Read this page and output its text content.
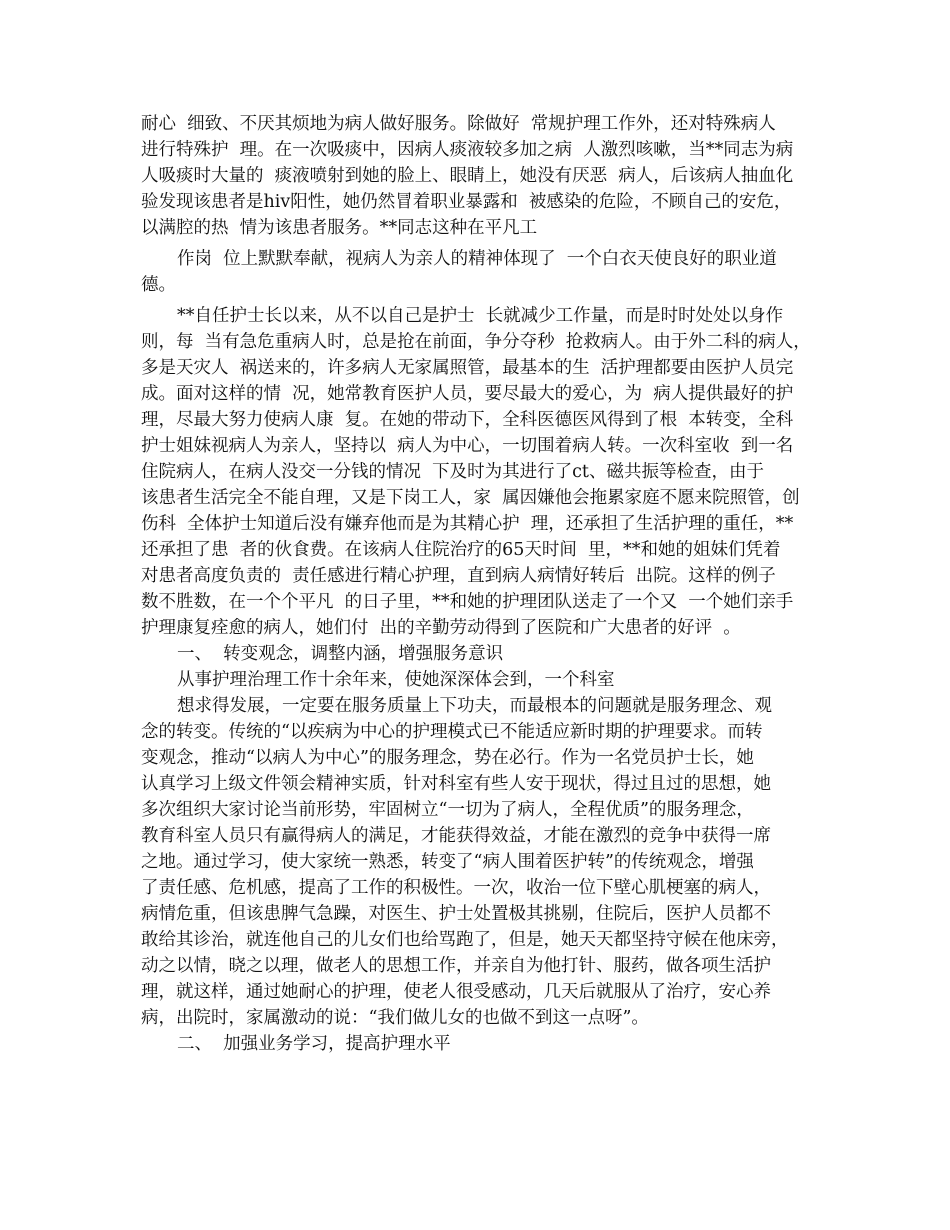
耐心  细致、不厌其烦地为病人做好服务。除做好  常规护理工作外，还对特殊病人
进行特殊护  理。在一次吸痰中，因病人痰液较多加之病  人激烈咳嗽，当**同志为病
人吸痰时大量的  痰液喷射到她的脸上、眼睛上，她没有厌恶  病人，后该病人抽血化
验发现该患者是hiv阳性，她仍然冒着职业暴露和  被感染的危险，不顾自己的安危，
以满腔的热  情为该患者服务。**同志这种在平凡工
作岗  位上默默奉献，视病人为亲人的精神体现了  一个白衣天使良好的职业道
德。
**自任护士长以来，从不以自己是护士  长就减少工作量，而是时时处处以身作
则，每  当有急危重病人时，总是抢在前面，争分夺秒  抢救病人。由于外二科的病人，
多是天灾人  祸送来的，许多病人无家属照管，最基本的生  活护理都要由医护人员完
成。面对这样的情  况，她常教育医护人员，要尽最大的爱心，为  病人提供最好的护
理，尽最大努力使病人康  复。在她的带动下，全科医德医风得到了根  本转变，全科
护士姐妹视病人为亲人，坚持以  病人为中心，一切围着病人转。一次科室收  到一名
住院病人，在病人没交一分钱的情况  下及时为其进行了ct、磁共振等检查，由于
该患者生活完全不能自理，又是下岗工人，家  属因嫌他会拖累家庭不愿来院照管，创
伤科  全体护士知道后没有嫌弃他而是为其精心护  理，还承担了生活护理的重任，**
还承担了患  者的伙食费。在该病人住院治疗的65天时间  里，**和她的姐妹们凭着
对患者高度负责的  责任感进行精心护理，直到病人病情好转后  出院。这样的例子
数不胜数，在一个个平凡  的日子里，**和她的护理团队送走了一个又  一个她们亲手
护理康复痊愈的病人，她们付  出的辛勤劳动得到了医院和广大患者的好评  。
一、  转变观念，调整内涵，增强服务意识
从事护理治理工作十余年来，使她深深体会到，一个科室
想求得发展，一定要在服务质量上下功夫，而最根本的问题就是服务理念、观
念的转变。传统的“以疾病为中心的护理模式已不能适应新时期的护理要求。而转
变观念，推动“以病人为中心”的服务理念，势在必行。作为一名党员护士长，她
认真学习上级文件领会精神实质，针对科室有些人安于现状，得过且过的思想，她
多次组织大家讨论当前形势，牢固树立“一切为了病人，全程优质”的服务理念，
教育科室人员只有赢得病人的满足，才能获得效益，才能在激烈的竞争中获得一席
之地。通过学习，使大家统一熟悉，转变了“病人围着医护转”的传统观念，增强
了责任感、危机感，提高了工作的积极性。一次，收治一位下壁心肌梗塞的病人，
病情危重，但该患脾气急躁，对医生、护士处置极其挑剔，住院后，医护人员都不
敢给其诊治，就连他自己的儿女们也给骂跑了，但是，她天天都坚持守候在他床旁，
动之以情，晓之以理，做老人的思想工作，并亲自为他打针、服药，做各项生活护
理，就这样，通过她耐心的护理，使老人很受感动，几天后就服从了治疗，安心养
病，出院时，家属激动的说：“我们做儿女的也做不到这一点呀”。
二、  加强业务学习，提高护理水平
